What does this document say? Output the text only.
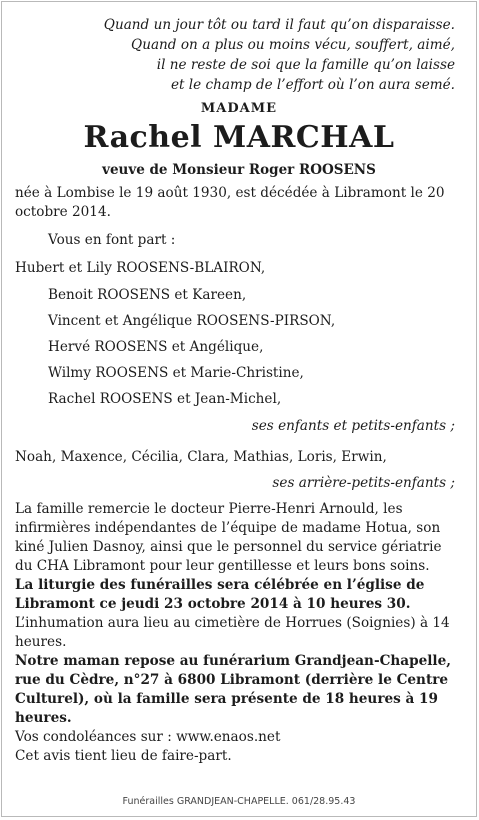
Quand un jour tôt ou tard il faut qu’on disparaisse.
Quand on a plus ou moins vécu, souffert, aimé,
il ne reste de soi que la famille qu’on laisse
et le champ de l’effort où l’on aura semé.
MADAME
Rachel MARCHAL
veuve de Monsieur Roger ROOSENS
née à Lombise le 19 août 1930, est décédée à Libramont le 20 octobre 2014.
Vous en font part :
Hubert et Lily ROOSENS-BLAIRON,
Benoit ROOSENS et Kareen,
Vincent et Angélique ROOSENS-PIRSON,
Hervé ROOSENS et Angélique,
Wilmy ROOSENS et Marie-Christine,
Rachel ROOSENS et Jean-Michel,
ses enfants et petits-enfants ;
Noah, Maxence, Cécilia, Clara, Mathias, Loris, Erwin,
ses arrière-petits-enfants ;

La famille remercie le docteur Pierre-Henri Arnould, les infirmières indépendantes de l’équipe de madame Hotua, son kiné Julien Dasnoy, ainsi que le personnel du service gériatrie du CHA Libramont pour leur gentillesse et leurs bons soins.

La liturgie des funérailles sera célébrée en l’église de Libramont ce jeudi 23 octobre 2014 à 10 heures 30.

L’inhumation aura lieu au cimetière de Horrues (Soignies) à 14 heures.

Notre maman repose au funérarium Grandjean-Chapelle, rue du Cèdre, n°27 à 6800 Libramont (derrière le Centre Culturel), où la famille sera présente de 18 heures à 19 heures.

Vos condoléances sur : www.enaos.net

Cet avis tient lieu de faire-part.

Funérailles GRANDJEAN-CHAPELLE. 061/28.95.43
